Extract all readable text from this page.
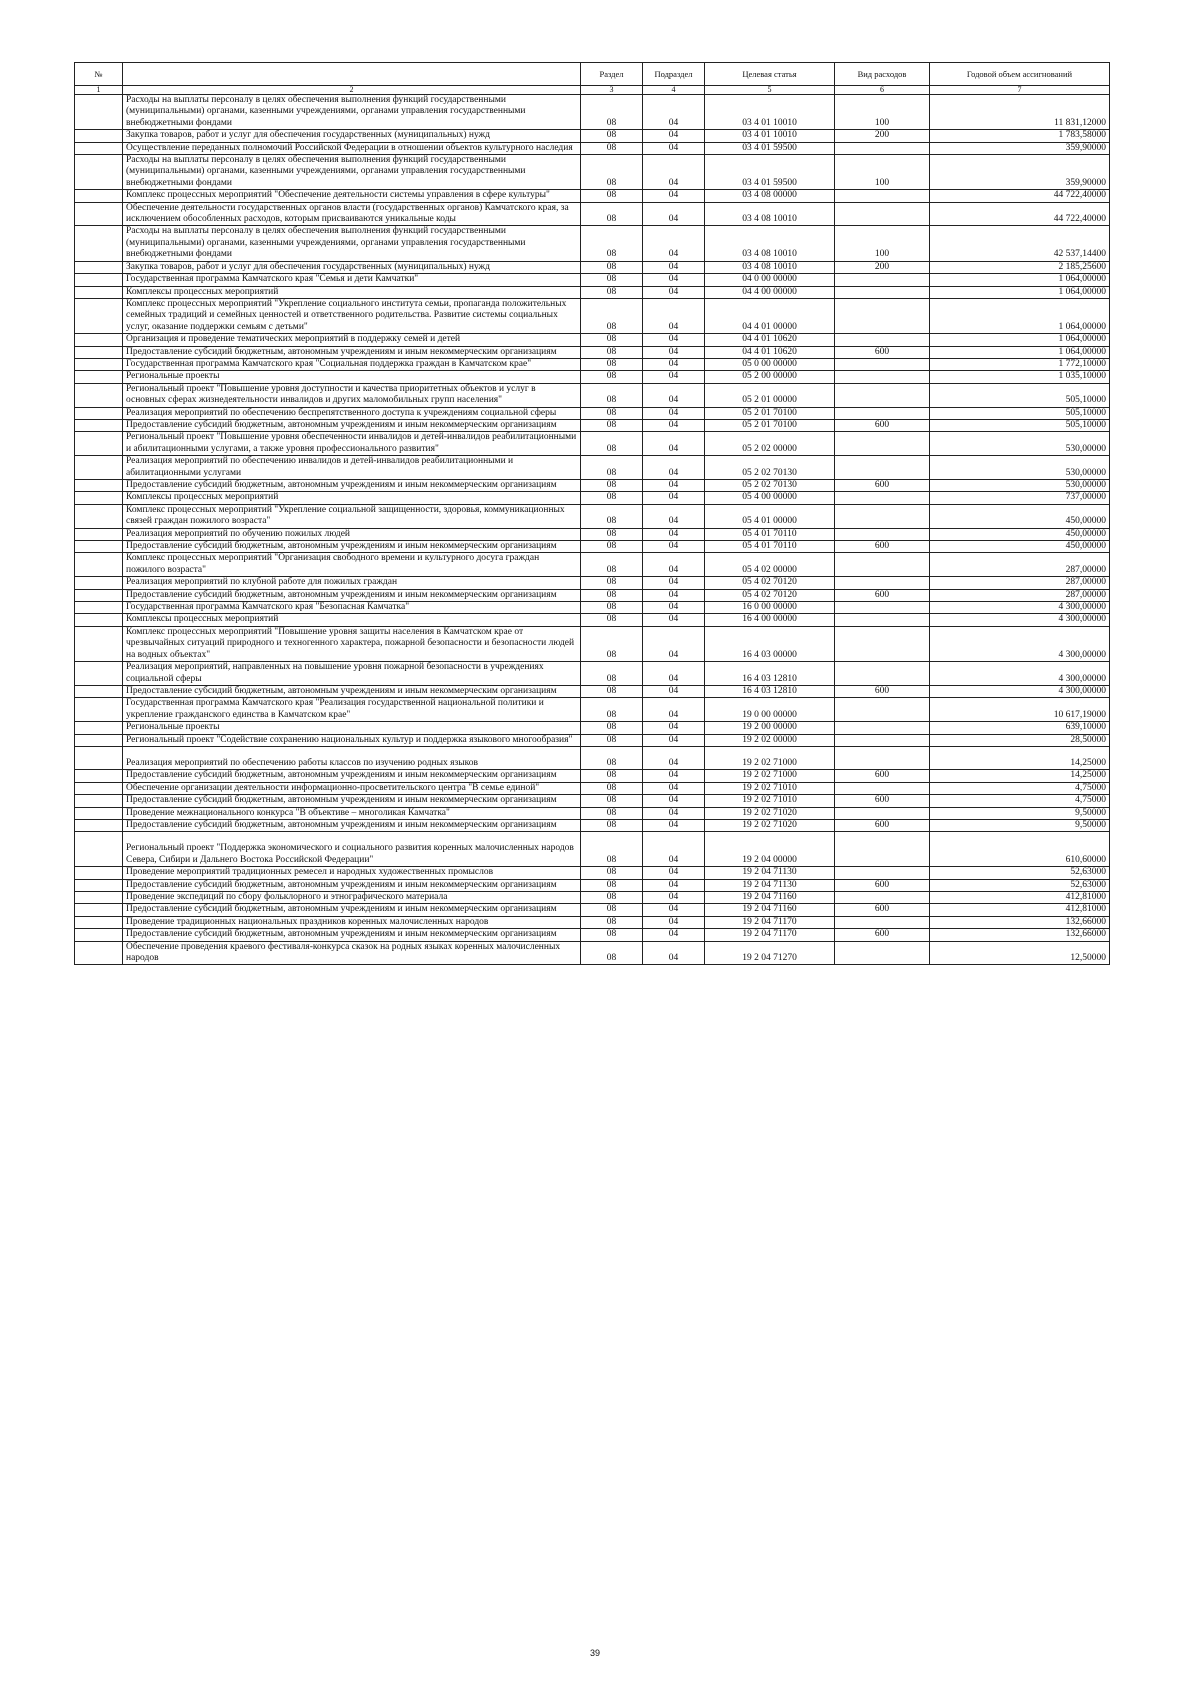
№		Раздел	Подраздел	Целевая статья	Вид расходов	Годовой объем ассигнований
1	2	3	4	5	6	7
	Расходы на выплаты персоналу в целях обеспечения выполнения функций государственными (муниципальными) органами, казенными учреждениями, органами управления государственными внебюджетными фондами	08	04	03 4 01 10010	100	11 831,12000
	Закупка товаров, работ и услуг для обеспечения государственных (муниципальных) нужд	08	04	03 4 01 10010	200	1 783,58000
	Осуществление переданных полномочий Российской Федерации в отношении объектов культурного наследия	08	04	03 4 01 59500		359,90000
	Расходы на выплаты персоналу в целях обеспечения выполнения функций государственными (муниципальными) органами, казенными учреждениями, органами управления государственными внебюджетными фондами	08	04	03 4 01 59500	100	359,90000
	Комплекс процессных мероприятий "Обеспечение деятельности системы управления в сфере культуры"	08	04	03 4 08 00000		44 722,40000
	Обеспечение деятельности государственных органов власти (государственных органов) Камчатского края, за исключением обособленных расходов, которым присваиваются уникальные коды	08	04	03 4 08 10010		44 722,40000
	Расходы на выплаты персоналу в целях обеспечения выполнения функций государственными (муниципальными) органами, казенными учреждениями, органами управления государственными внебюджетными фондами	08	04	03 4 08 10010	100	42 537,14400
	Закупка товаров, работ и услуг для обеспечения государственных (муниципальных) нужд	08	04	03 4 08 10010	200	2 185,25600
	Государственная программа Камчатского края "Семья и дети Камчатки"	08	04	04 0 00 00000		1 064,00000
	Комплексы процессных мероприятий	08	04	04 4 00 00000		1 064,00000
	Комплекс процессных мероприятий "Укрепление социального института семьи, пропаганда положительных семейных традиций и семейных ценностей и ответственного родительства. Развитие системы социальных услуг, оказание поддержки семьям с детьми"	08	04	04 4 01 00000		1 064,00000
	Организация и проведение тематических мероприятий в поддержку семей и детей	08	04	04 4 01 10620		1 064,00000
	Предоставление субсидий бюджетным, автономным учреждениям и иным некоммерческим организациям	08	04	04 4 01 10620	600	1 064,00000
	Государственная программа Камчатского края "Социальная поддержка граждан в Камчатском крае"	08	04	05 0 00 00000		1 772,10000
	Региональные проекты	08	04	05 2 00 00000		1 035,10000
	Региональный проект "Повышение уровня доступности и качества приоритетных объектов и услуг в основных сферах жизнедеятельности инвалидов и других маломобильных групп населения"	08	04	05 2 01 00000		505,10000
	Реализация мероприятий по обеспечению беспрепятственного доступа к учреждениям социальной сферы	08	04	05 2 01 70100		505,10000
	Предоставление субсидий бюджетным, автономным учреждениям и иным некоммерческим организациям	08	04	05 2 01 70100	600	505,10000
	Региональный проект "Повышение уровня обеспеченности инвалидов и детей-инвалидов реабилитационными и абилитационными услугами, а также уровня профессионального развития"	08	04	05 2 02 00000		530,00000
	Реализация мероприятий по обеспечению инвалидов и детей-инвалидов реабилитационными и абилитационными услугами	08	04	05 2 02 70130		530,00000
	Предоставление субсидий бюджетным, автономным учреждениям и иным некоммерческим организациям	08	04	05 2 02 70130	600	530,00000
	Комплексы процессных мероприятий	08	04	05 4 00 00000		737,00000
	Комплекс процессных мероприятий "Укрепление социальной защищенности, здоровья, коммуникационных связей граждан пожилого возраста"	08	04	05 4 01 00000		450,00000
	Реализация мероприятий по обучению пожилых людей	08	04	05 4 01 70110		450,00000
	Предоставление субсидий бюджетным, автономным учреждениям и иным некоммерческим организациям	08	04	05 4 01 70110	600	450,00000
	Комплекс процессных мероприятий "Организация свободного времени и культурного досуга граждан пожилого возраста"	08	04	05 4 02 00000		287,00000
	Реализация мероприятий по клубной работе для пожилых граждан	08	04	05 4 02 70120		287,00000
	Предоставление субсидий бюджетным, автономным учреждениям и иным некоммерческим организациям	08	04	05 4 02 70120	600	287,00000
	Государственная программа Камчатского края "Безопасная Камчатка"	08	04	16 0 00 00000		4 300,00000
	Комплексы процессных мероприятий	08	04	16 4 00 00000		4 300,00000
	Комплекс процессных мероприятий "Повышение уровня защиты населения в Камчатском крае от чрезвычайных ситуаций природного и техногенного характера, пожарной безопасности и безопасности людей на водных объектах"	08	04	16 4 03 00000		4 300,00000
	Реализация мероприятий, направленных на повышение уровня пожарной безопасности в учреждениях социальной сферы	08	04	16 4 03 12810		4 300,00000
	Предоставление субсидий бюджетным, автономным учреждениям и иным некоммерческим организациям	08	04	16 4 03 12810	600	4 300,00000
	Государственная программа Камчатского края "Реализация государственной национальной политики и укрепление гражданского единства в Камчатском крае"	08	04	19 0 00 00000		10 617,19000
	Региональные проекты	08	04	19 2 00 00000		639,10000
	Региональный проект "Содействие сохранению национальных культур и поддержка языкового многообразия"	08	04	19 2 02 00000		28,50000
	Реализация мероприятий по обеспечению работы классов по изучению родных языков	08	04	19 2 02 71000		14,25000
	Предоставление субсидий бюджетным, автономным учреждениям и иным некоммерческим организациям	08	04	19 2 02 71000	600	14,25000
	Обеспечение организации деятельности информационно-просветительского центра "В семье единой"	08	04	19 2 02 71010		4,75000
	Предоставление субсидий бюджетным, автономным учреждениям и иным некоммерческим организациям	08	04	19 2 02 71010	600	4,75000
	Проведение межнационального конкурса "В объективе – многоликая Камчатка"	08	04	19 2 02 71020		9,50000
	Предоставление субсидий бюджетным, автономным учреждениям и иным некоммерческим организациям	08	04	19 2 02 71020	600	9,50000
	Региональный проект "Поддержка экономического и социального развития коренных малочисленных народов Севера, Сибири и Дальнего Востока Российской Федерации"	08	04	19 2 04 00000		610,60000
	Проведение мероприятий традиционных ремесел и народных художественных промыслов	08	04	19 2 04 71130		52,63000
	Предоставление субсидий бюджетным, автономным учреждениям и иным некоммерческим организациям	08	04	19 2 04 71130	600	52,63000
	Проведение экспедиций по сбору фольклорного и этнографического материала	08	04	19 2 04 71160		412,81000
	Предоставление субсидий бюджетным, автономным учреждениям и иным некоммерческим организациям	08	04	19 2 04 71160	600	412,81000
	Проведение традиционных национальных праздников коренных малочисленных народов	08	04	19 2 04 71170		132,66000
	Предоставление субсидий бюджетным, автономным учреждениям и иным некоммерческим организациям	08	04	19 2 04 71170	600	132,66000
	Обеспечение проведения краевого фестиваля-конкурса сказок на родных языках коренных малочисленных народов	08	04	19 2 04 71270		12,50000
39
